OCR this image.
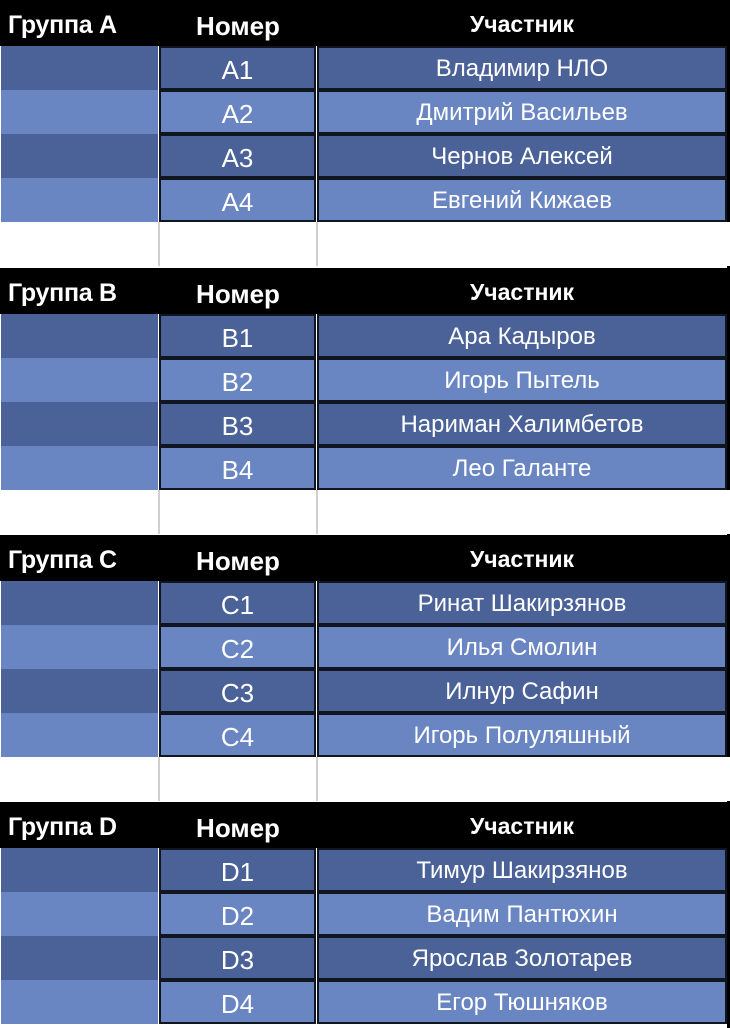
Группа A	Номер	Участник
A1	Владимир НЛО
A2	Дмитрий Васильев
A3	Чернов Алексей
A4	Евгений Кижаев
Группа B	Номер	Участник
B1	Ара Кадыров
B2	Игорь Пытель
B3	Нариман Халимбетов
B4	Лео Галанте
Группа C	Номер	Участник
C1	Ринат Шакирзянов
C2	Илья Смолин
C3	Илнур Сафин
C4	Игорь Полуляшный
Группа D	Номер	Участник
D1	Тимур Шакирзянов
D2	Вадим Пантюхин
D3	Ярослав Золотарев
D4	Егор Тюшняков
